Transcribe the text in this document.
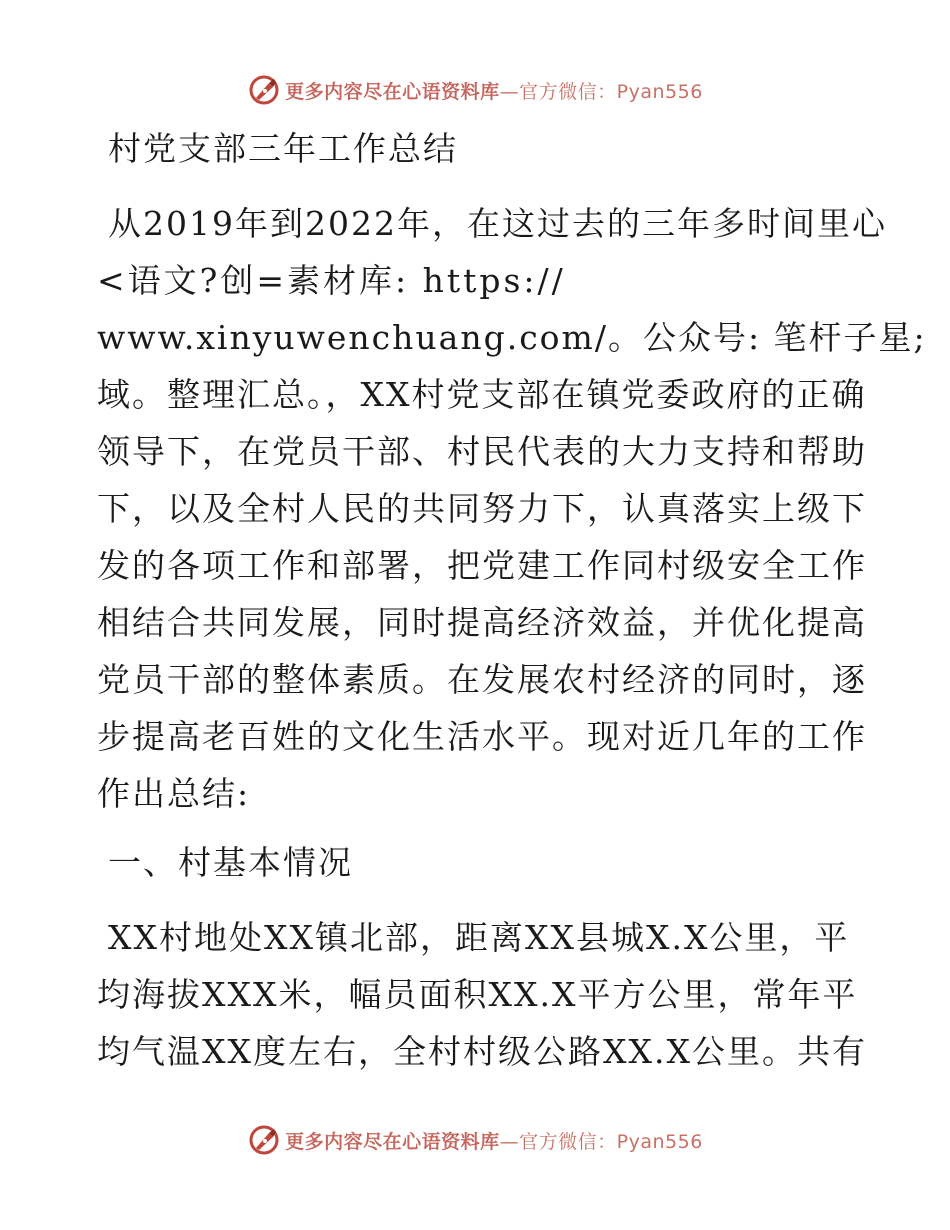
更多内容尽在心语资料库—官方微信：Pyan556
村党支部三年工作总结
从2019年到2022年，在这过去的三年多时间里心
<语文?创=素材库: https://
www.xinyuwenchuang.com/。公众号: 笔杆子星;
域。整理汇总。，XX村党支部在镇党委政府的正确
领导下，在党员干部、村民代表的大力支持和帮助
下，以及全村人民的共同努力下，认真落实上级下
发的各项工作和部署，把党建工作同村级安全工作
相结合共同发展，同时提高经济效益，并优化提高
党员干部的整体素质。在发展农村经济的同时，逐
步提高老百姓的文化生活水平。现对近几年的工作
作出总结:
一、村基本情况
XX村地处XX镇北部，距离XX县城X.X公里，平
均海拔XXX米，幅员面积XX.X平方公里，常年平
均气温XX度左右，全村村级公路XX.X公里。共有
更多内容尽在心语资料库—官方微信：Pyan556
